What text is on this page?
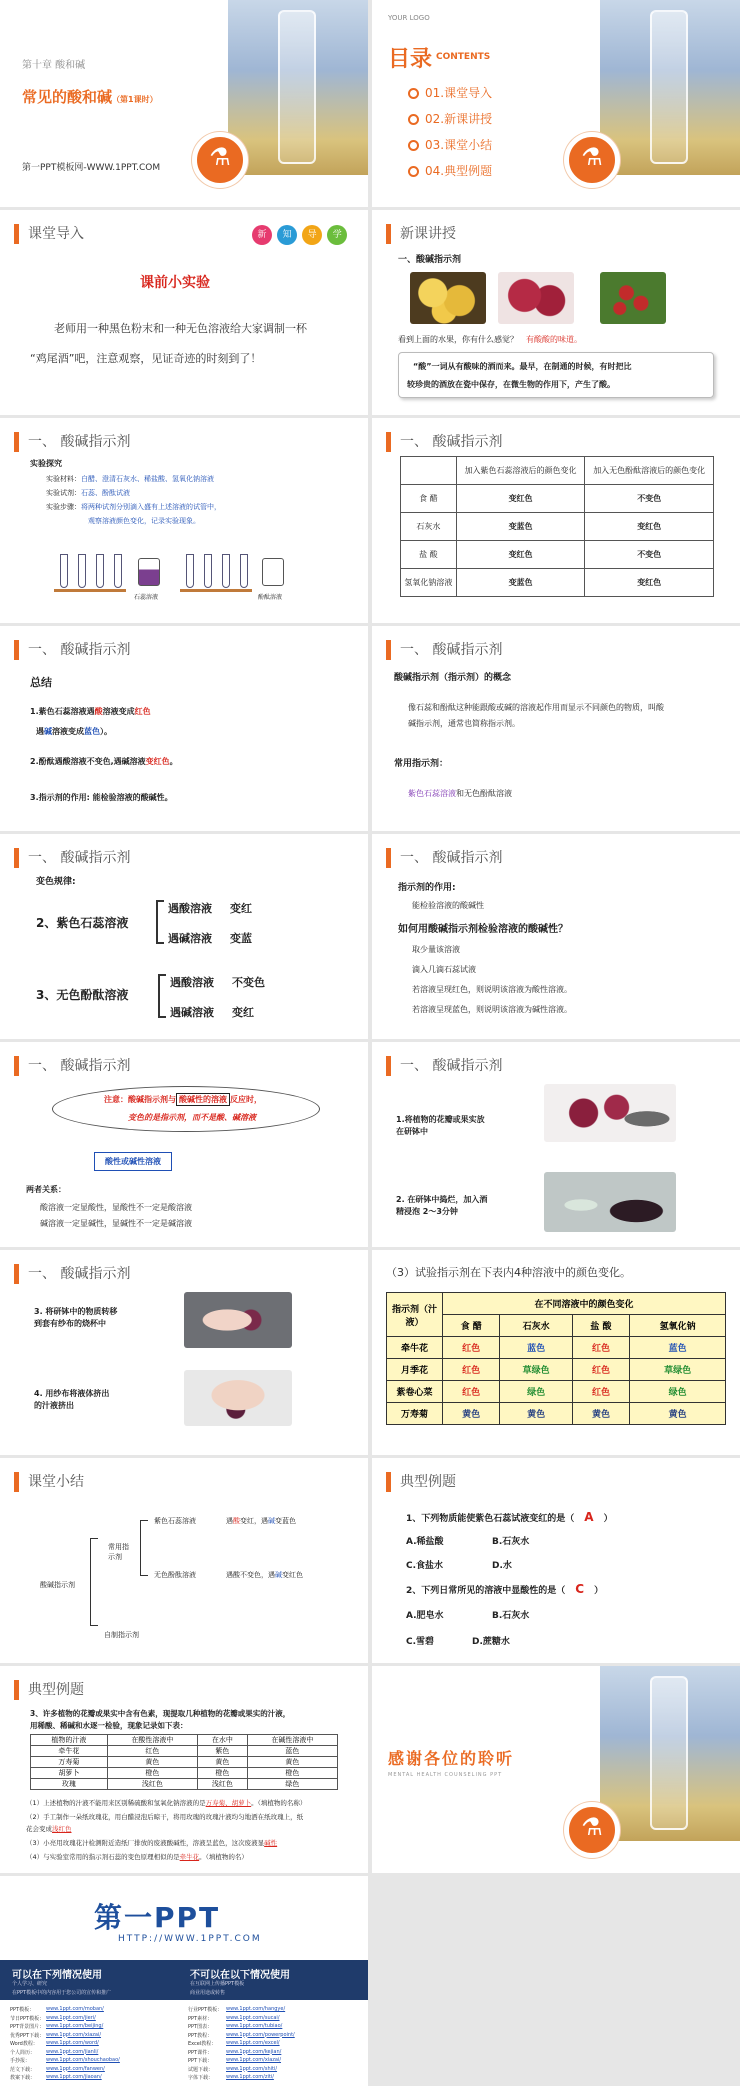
第十章 酸和碱
常见的酸和碱（第1课时）
第一PPT模板网-WWW.1PPT.COM
⚗
YOUR LOGO
目录 CONTENTS
01.课堂导入
02.新课讲授
03.课堂小结
04.典型例题
⚗
课堂导入	新 知 导 学
课前小实验
老师用一种黑色粉末和一种无色溶液给大家调制一杯
“鸡尾酒”吧，注意观察，见证奇迹的时刻到了！
新课讲授
一、酸碱指示剂
看到上面的水果，你有什么感觉？ 有酸酸的味道。
“酸”一词从有酸味的酒而来。最早，在制通的时候，有时把比
较珍贵的酒放在瓷中保存，在微生物的作用下，产生了酸。
一、 酸碱指示剂
实验探究
实验材料：白醋、澄清石灰水、稀盐酸、氢氧化钠溶液
实验试剂：石蕊、酚酞试液
实验步骤：将两种试剂分别滴入盛有上述溶液的试管中，
观察溶液颜色变化，记录实验现象。
石蕊溶液	酚酞溶液
一、 酸碱指示剂
	加入紫色石蕊溶液后的颜色变化	加入无色酚酞溶液后的颜色变化
食 醋	变红色	不变色
石灰水	变蓝色	变红色
盐 酸	变红色	不变色
氢氧化钠溶液	变蓝色	变红色
一、 酸碱指示剂
总结
1.紫色石蕊溶液遇酸溶液变成红色
遇碱溶液变成蓝色）。
2.酚酞遇酸溶液不变色,遇碱溶液变红色。
3.指示剂的作用: 能检验溶液的酸碱性。
一、 酸碱指示剂
酸碱指示剂（指示剂）的概念
像石蕊和酚酞这种能跟酸或碱的溶液起作用而显示不同颜色的物质，叫酸
碱指示剂，通常也简称指示剂。
常用指示剂：
紫色石蕊溶液和无色酚酞溶液
一、 酸碱指示剂
变色规律:
2、紫色石蕊溶液
遇酸溶液 变红
遇碱溶液 变蓝
3、无色酚酞溶液
遇酸溶液 不变色
遇碱溶液 变红
一、 酸碱指示剂
指示剂的作用:
能检验溶液的酸碱性
如何用酸碱指示剂检验溶液的酸碱性？
取少量该溶液
滴入几滴石蕊试液
若溶液呈现红色，则说明该溶液为酸性溶液。
若溶液呈现蓝色，则说明该溶液为碱性溶液。
一、 酸碱指示剂
注意：酸碱指示剂与 酸碱性的溶液 反应时，
变色的是指示剂，而不是酸、碱溶液
酸性或碱性溶液
两者关系：
酸溶液一定显酸性，显酸性不一定是酸溶液
碱溶液一定显碱性，显碱性不一定是碱溶液
一、 酸碱指示剂
1.将植物的花瓣或果实放
在研钵中
2. 在研钵中捣烂，加入酒
精浸泡 2～3分钟
一、 酸碱指示剂
3. 将研钵中的物质转移
到套有纱布的烧杯中
4. 用纱布将液体挤出
的汁液挤出
（3）试验指示剂在下表内4种溶液中的颜色变化。
指示剂（汁液）	在不同溶液中的颜色变化			
	食 醋	石灰水	盐 酸	氢氧化钠
牵牛花	红色	蓝色	红色	蓝色
月季花	红色	草绿色	红色	草绿色
紫卷心菜	红色	绿色	红色	绿色
万寿菊	黄色	黄色	黄色	黄色
课堂小结
酸碱指示剂
常用指示剂
紫色石蕊溶液	遇酸变红，遇碱变蓝色
无色酚酞溶液	遇酸不变色，遇碱变红色
自制指示剂
典型例题
1、下列物质能使紫色石蕊试液变红的是（ A ）
A.稀盐酸	B.石灰水
C.食盐水	D.水
2、下列日常所见的溶液中显酸性的是（ C ）
A.肥皂水	B.石灰水
C.雪碧	D.蔗糖水
典型例题
3、许多植物的花瓣或果实中含有色素，现提取几种植物的花瓣或果实的汁液，
用稀酸、稀碱和水逐一检验，现象记录如下表：
植物的汁液	在酸性溶液中	在水中	在碱性溶液中
牵牛花	红色	紫色	蓝色
万寿菊	黄色	黄色	黄色
胡萝卜	橙色	橙色	橙色
玫瑰	浅红色	浅红色	绿色
（1）上述植物的汁液不能用来区别稀硫酸和氢氧化钠溶液的是万寿菊、胡萝卜。（填植物的名称）
（2）手工制作一朵纸玫瑰花，用白醋浸泡后晾干，将用玫瑰的玫瑰汁液均匀地洒在纸玫瑰上，纸
花会变成浅红色
（3）小亮用玫瑰花汁检测附近造纸厂排放的废液酸碱性，溶液呈蓝色，这次废液显碱性
（4）与实验室常用的指示剂石蕊的变色原理相似的是牵牛花。（填植物的名）
感谢各位的聆听
MENTAL HEALTH COUNSELING PPT
⚗
第一PPT
HTTP://WWW.1PPT.COM
可以在下列情况使用
个人学习、研究
在PPT模板中的内容用于您公司的宣传和推广
不可以在以下情况使用
在互联网上传播PPT模板
商业用途或转售
PPT模板： www.1ppt.com/moban/	行业PPT模板： www.1ppt.com/hangye/
节日PPT模板： www.1ppt.com/jieri/	PPT素材：	www.1ppt.com/sucai/
PPT背景图片： www.1ppt.com/beijing/	PPT图表：	www.1ppt.com/tubiao/
优秀PPT下载： www.1ppt.com/xiazai/	PPT教程：	www.1ppt.com/powerpoint/
Word教程： www.1ppt.com/word/	Excel教程： www.1ppt.com/excel/
个人简历： www.1ppt.com/jianli/	PPT课件：	www.1ppt.com/kejian/
手抄报：	www.1ppt.com/shouchaobao/	PPT下载：	www.1ppt.com/xiazai/
范文下载： www.1ppt.com/fanwen/	试题下载：	www.1ppt.com/shiti/
教案下载： www.1ppt.com/jiaoan/	字体下载：	www.1ppt.com/ziti/
